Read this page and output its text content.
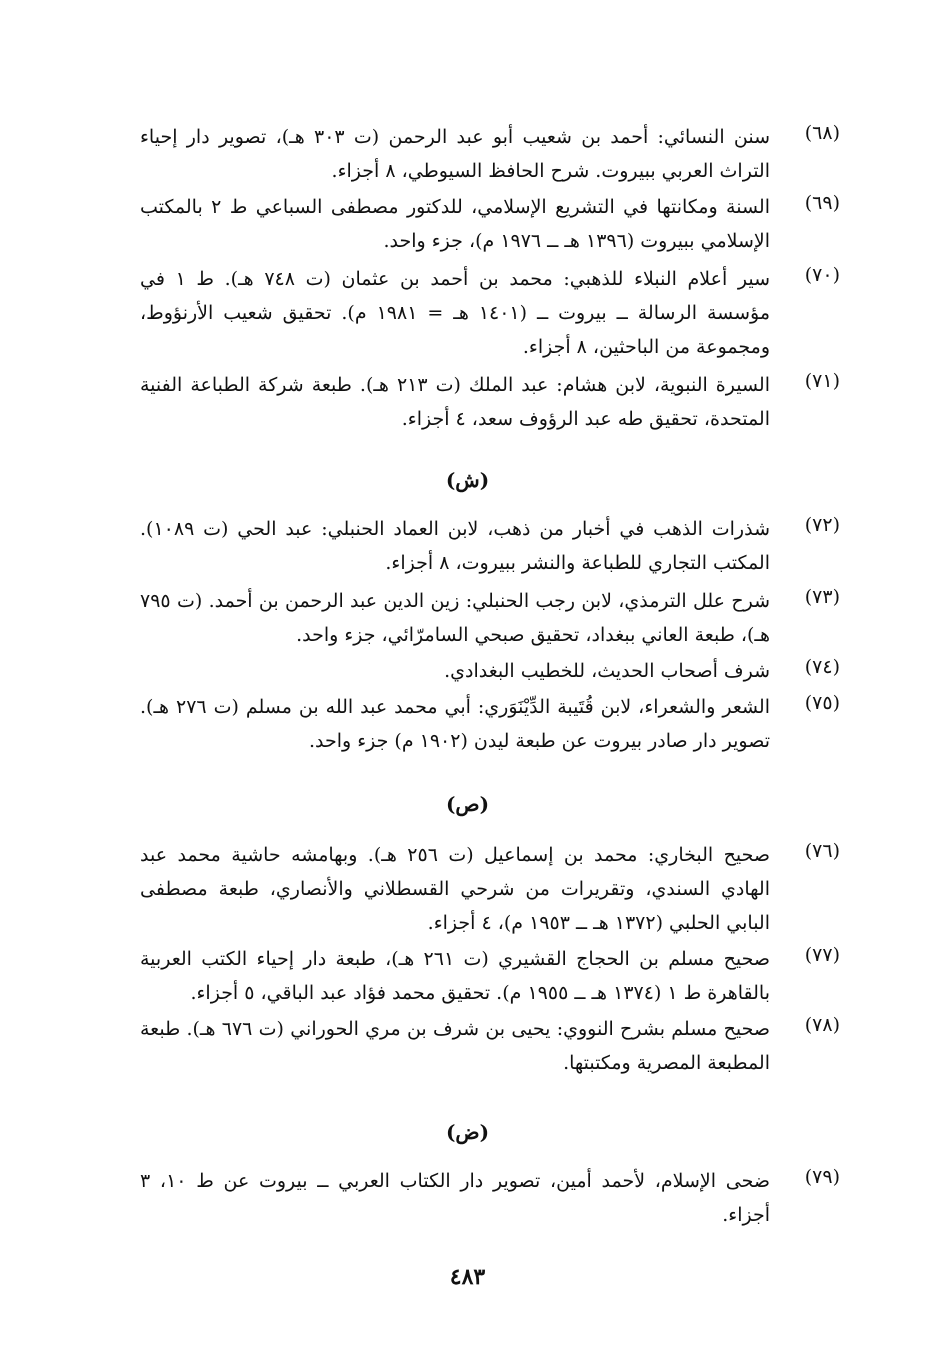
(٦٨)
سنن النسائي: أحمد بن شعيب أبو عبد الرحمن (ت ٣٠٣ هـ)، تصوير دار إحياء التراث العربي ببيروت. شرح الحافظ السيوطي، ٨ أجزاء.
(٦٩)
السنة ومكانتها في التشريع الإسلامي، للدكتور مصطفى السباعي ط ٢ بالمكتب الإسلامي ببيروت (١٣٩٦ هـ ــ ١٩٧٦ م)، جزء واحد.
(٧٠)
سير أعلام النبلاء للذهبي: محمد بن أحمد بن عثمان (ت ٧٤٨ هـ). ط ١ في مؤسسة الرسالة ــ بيروت ــ (١٤٠١ هـ = ١٩٨١ م). تحقيق شعيب الأرنؤوط، ومجموعة من الباحثين، ٨ أجزاء.
(٧١)
السيرة النبوية، لابن هشام: عبد الملك (ت ٢١٣ هـ). طبعة شركة الطباعة الفنية المتحدة، تحقيق طه عبد الرؤوف سعد، ٤ أجزاء.
(ش)
(٧٢)
شذرات الذهب في أخبار من ذهب، لابن العماد الحنبلي: عبد الحي (ت ١٠٨٩). المكتب التجاري للطباعة والنشر ببيروت، ٨ أجزاء.
(٧٣)
شرح علل الترمذي، لابن رجب الحنبلي: زين الدين عبد الرحمن بن أحمد. (ت ٧٩٥ هـ)، طبعة العاني ببغداد، تحقيق صبحي السامرّائي، جزء واحد.
(٧٤)
شرف أصحاب الحديث، للخطيب البغدادي.
(٧٥)
الشعر والشعراء، لابن قُتَيبة الدِّيْنَوَري: أبي محمد عبد الله بن مسلم (ت ٢٧٦ هـ). تصوير دار صادر بيروت عن طبعة ليدن (١٩٠٢ م) جزء واحد.
(ص)
(٧٦)
صحيح البخاري: محمد بن إسماعيل (ت ٢٥٦ هـ). وبهامشه حاشية محمد عبد الهادي السندي، وتقريرات من شرحي القسطلاني والأنصاري، طبعة مصطفى البابي الحلبي (١٣٧٢ هـ ــ ١٩٥٣ م)، ٤ أجزاء.
(٧٧)
صحيح مسلم بن الحجاج القشيري (ت ٢٦١ هـ)، طبعة دار إحياء الكتب العربية بالقاهرة ط ١ (١٣٧٤ هـ ــ ١٩٥٥ م). تحقيق محمد فؤاد عبد الباقي، ٥ أجزاء.
(٧٨)
صحيح مسلم بشرح النووي: يحيى بن شرف بن مري الحوراني (ت ٦٧٦ هـ). طبعة المطبعة المصرية ومكتبتها.
(ض)
(٧٩)
ضحى الإسلام، لأحمد أمين، تصوير دار الكتاب العربي ــ بيروت عن ط ١٠، ٣ أجزاء.
٤٨٣
